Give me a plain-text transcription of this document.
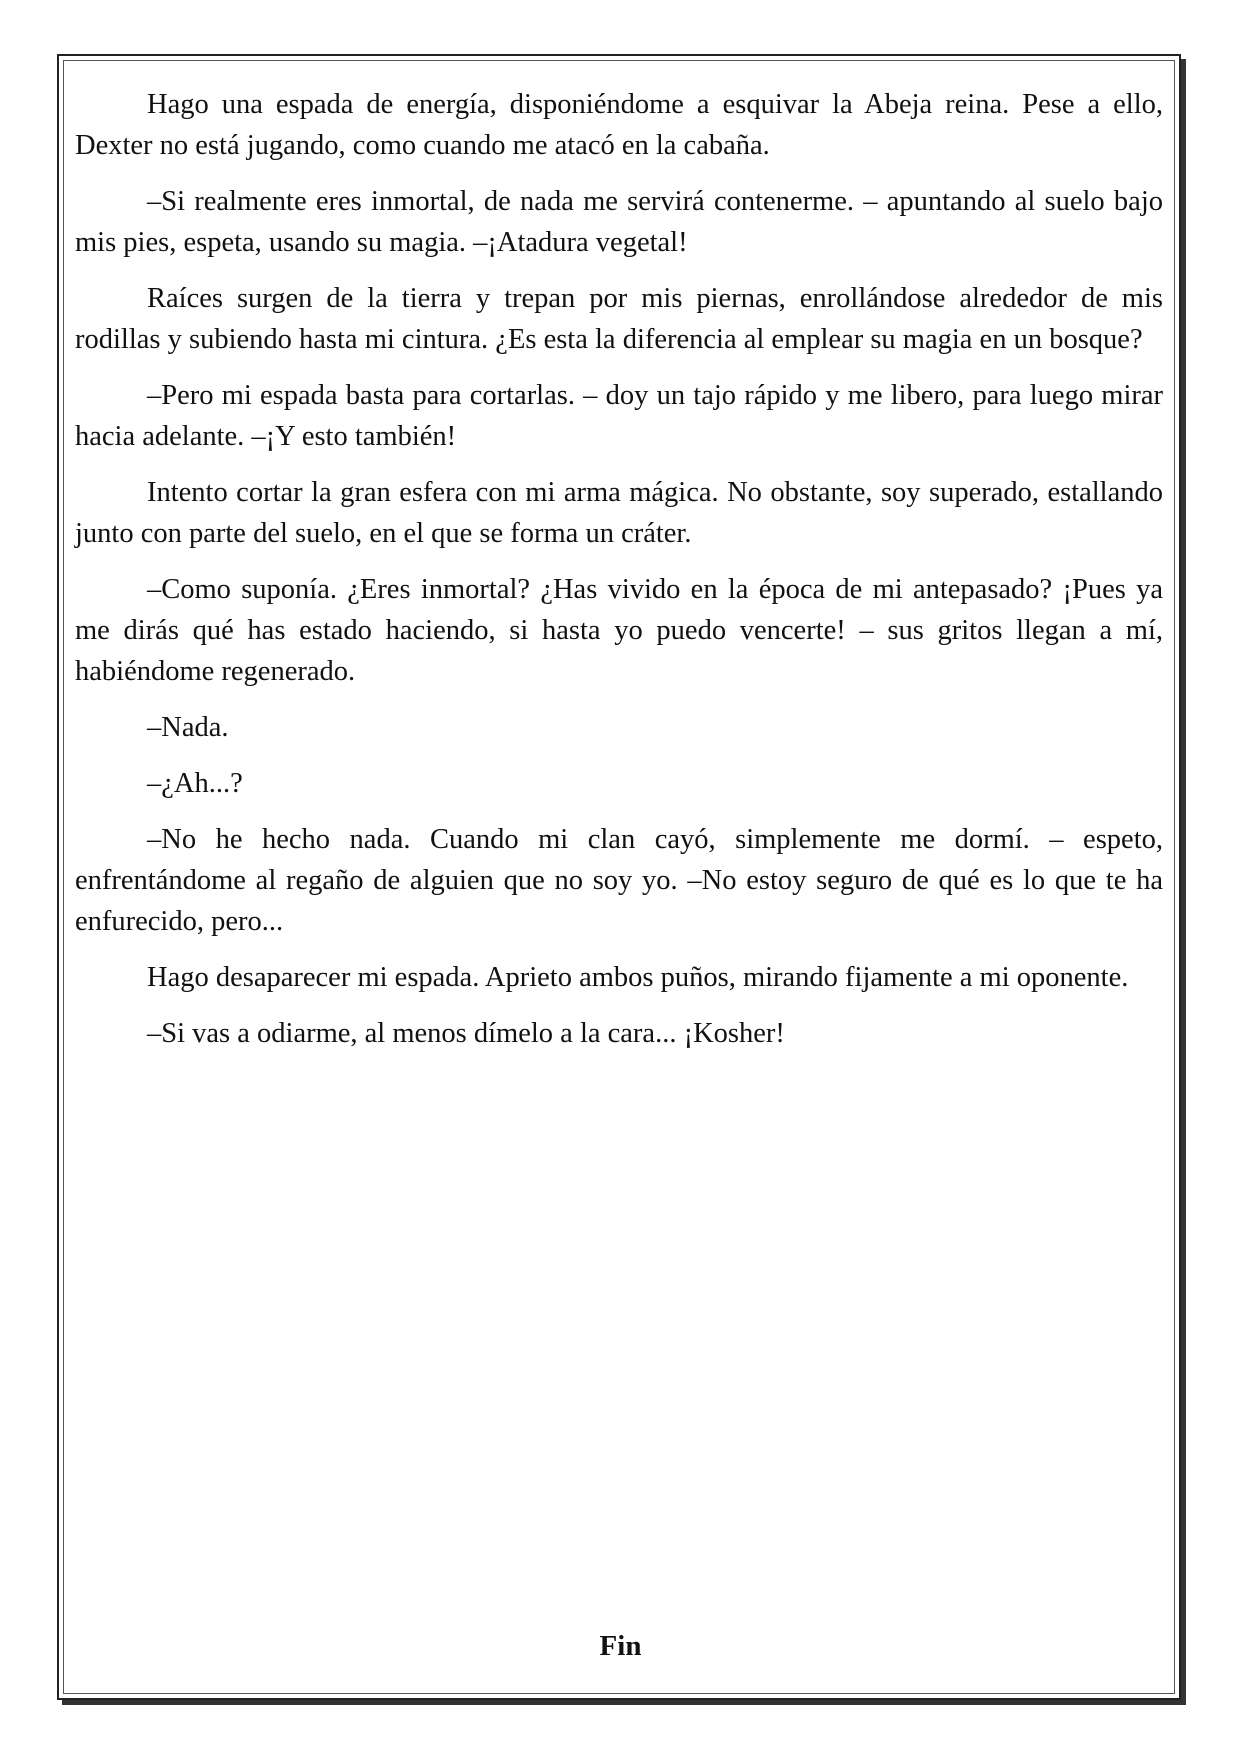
Hago una espada de energía, disponiéndome a esquivar la Abeja reina. Pese a ello, Dexter no está jugando, como cuando me atacó en la cabaña.

–Si realmente eres inmortal, de nada me servirá contenerme. – apuntando al suelo bajo mis pies, espeta, usando su magia. –¡Atadura vegetal!

Raíces surgen de la tierra y trepan por mis piernas, enrollándose alrededor de mis rodillas y subiendo hasta mi cintura. ¿Es esta la diferencia al emplear su magia en un bosque?

–Pero mi espada basta para cortarlas. – doy un tajo rápido y me libero, para luego mirar hacia adelante. –¡Y esto también!

Intento cortar la gran esfera con mi arma mágica. No obstante, soy superado, estallando junto con parte del suelo, en el que se forma un cráter.

–Como suponía. ¿Eres inmortal? ¿Has vivido en la época de mi antepasado? ¡Pues ya me dirás qué has estado haciendo, si hasta yo puedo vencerte! – sus gritos llegan a mí, habiéndome regenerado.

–Nada.

–¿Ah...?

–No he hecho nada. Cuando mi clan cayó, simplemente me dormí. – espeto, enfrentándome al regaño de alguien que no soy yo. –No estoy seguro de qué es lo que te ha enfurecido, pero...

Hago desaparecer mi espada. Aprieto ambos puños, mirando fijamente a mi oponente.

–Si vas a odiarme, al menos dímelo a la cara... ¡Kosher!

Fin
